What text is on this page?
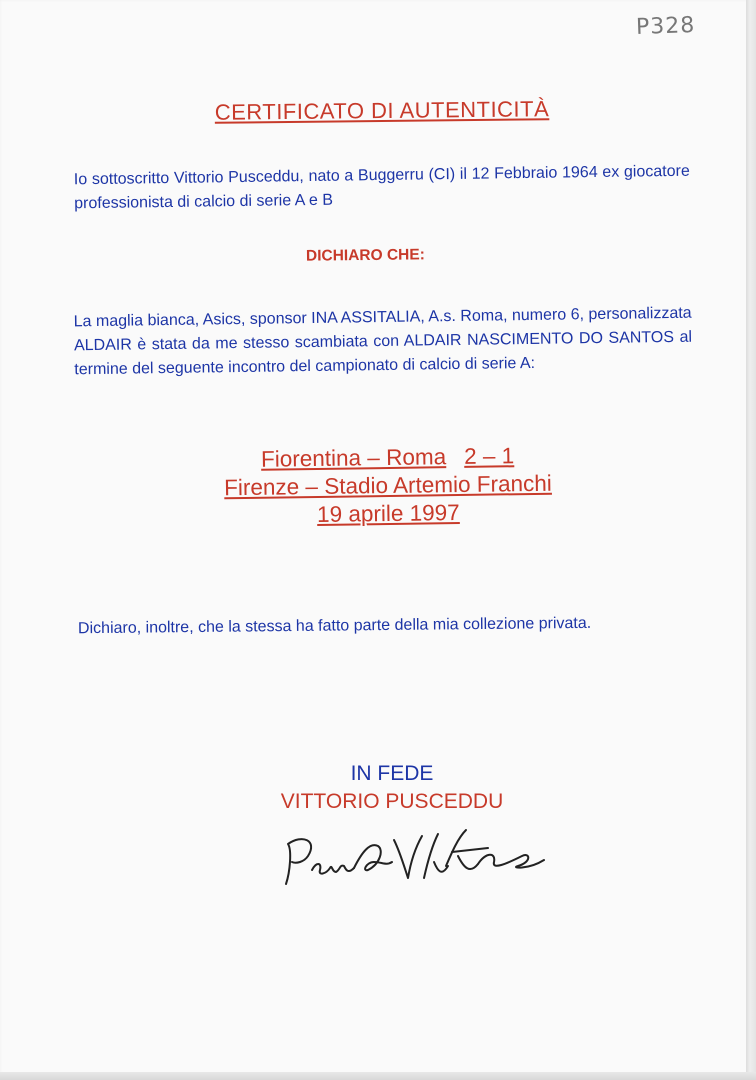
P328
CERTIFICATO DI AUTENTICITÀ
Io sottoscritto Vittorio Pusceddu, nato a Buggerru (CI) il 12 Febbraio 1964 ex giocatore professionista di calcio di serie A e B
DICHIARO CHE:
La maglia bianca, Asics, sponsor INA ASSITALIA, A.s. Roma, numero 6, personalizzata ALDAIR è stata da me stesso scambiata con ALDAIR NASCIMENTO DO SANTOS al termine del seguente incontro del campionato di calcio di serie A:
Fiorentina – Roma 2 – 1
Firenze – Stadio Artemio Franchi
19 aprile 1997
Dichiaro, inoltre, che la stessa ha fatto parte della mia collezione privata.
IN FEDE
VITTORIO PUSCEDDU
